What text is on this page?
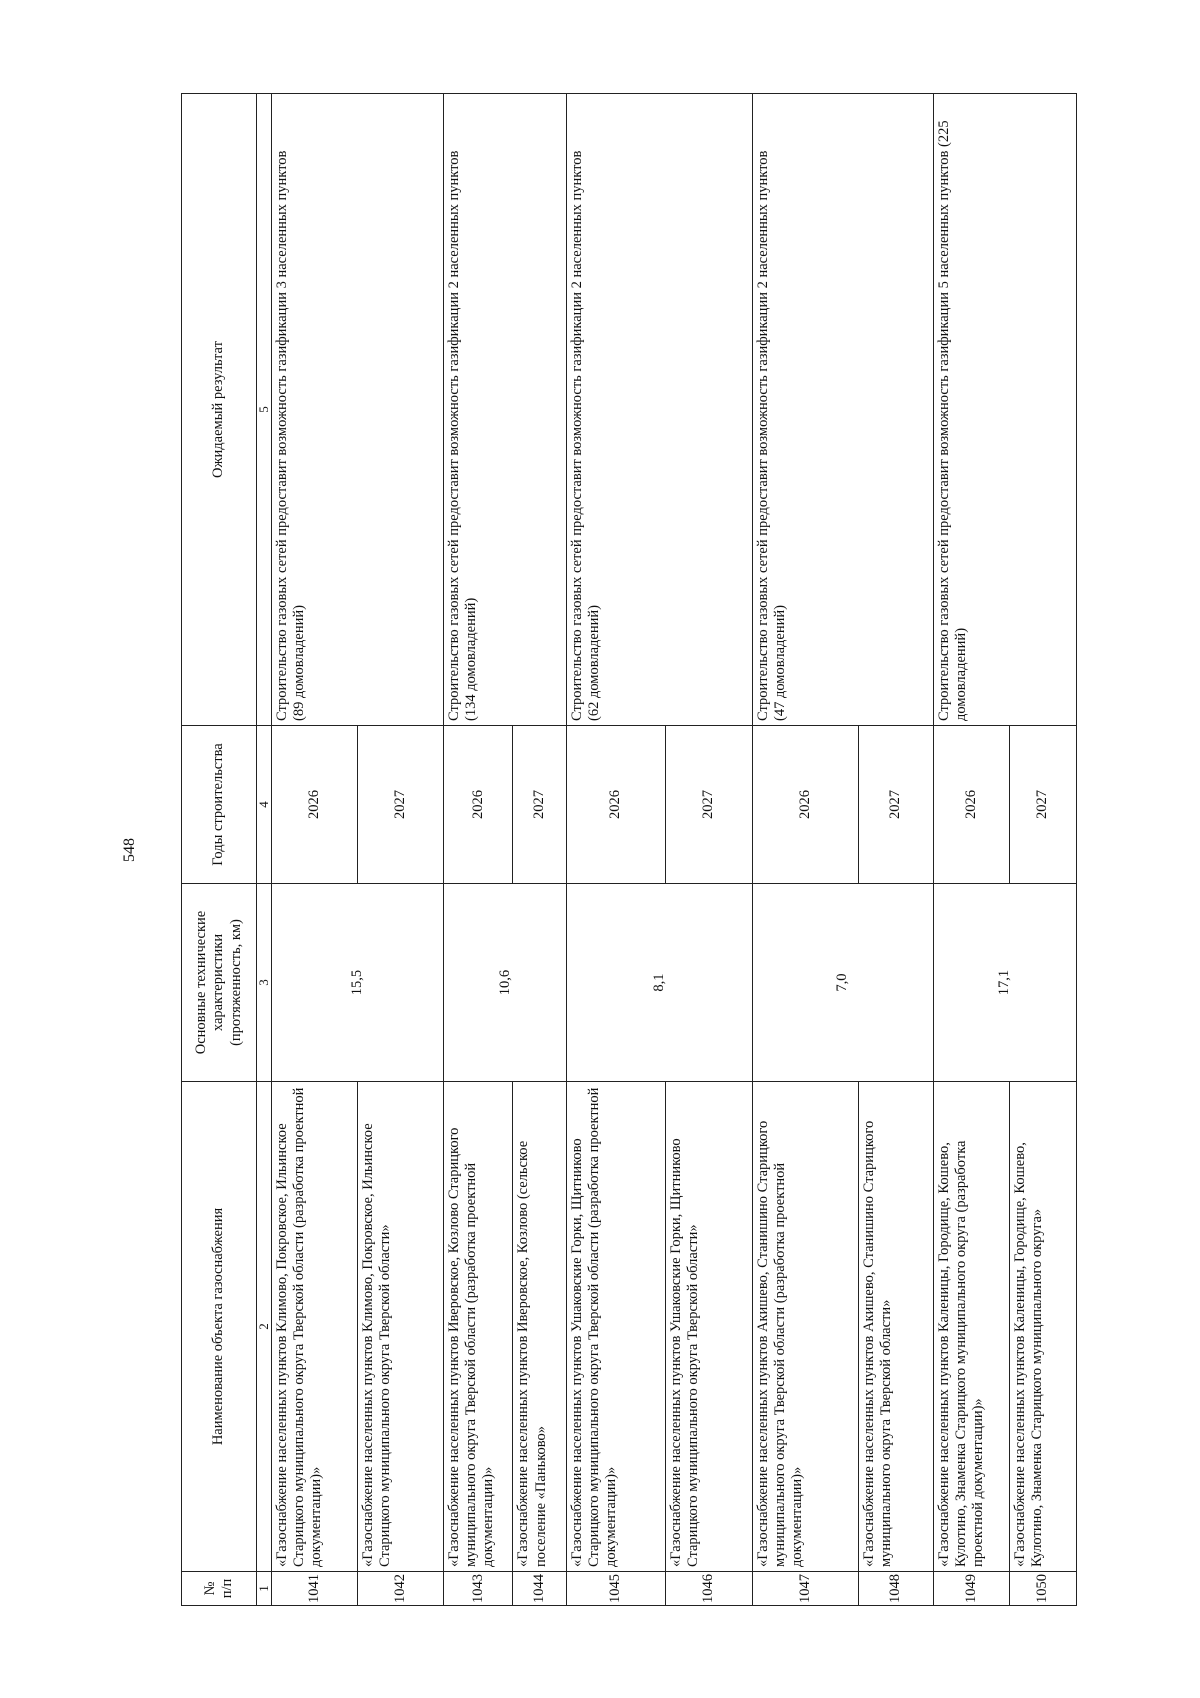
548
№
п/п	Наименование объекта газоснабжения	Основные технические характеристики (протяженность, км)	Годы строительства	Ожидаемый результат
1	2	3	4	5
1041	«Газоснабжение населенных пунктов Климово, Покровское, Ильинское Старицкого муниципального округа Тверской области (разработка проектной документации)»	15,5	2026	Строительство газовых сетей предоставит возможность газификации 3 населенных пунктов
(89 домовладений)
1042	«Газоснабжение населенных пунктов Климово, Покровское, Ильинское Старицкого муниципального округа Тверской области»		2027	
1043	«Газоснабжение населенных пунктов Иверовское, Козлово Старицкого муниципального округа Тверской области (разработка проектной документации)»	10,6	2026	Строительство газовых сетей предоставит возможность газификации 2 населенных пунктов
(134 домовладений)
1044	«Газоснабжение населенных пунктов Иверовское, Козлово (сельское поселение «Паньково»		2027	
1045	«Газоснабжение населенных пунктов Ушаковские Горки, Щитниково Старицкого муниципального округа Тверской области (разработка проектной документации)»	8,1	2026	Строительство газовых сетей предоставит возможность газификации 2 населенных пунктов
(62 домовладений)
1046	«Газоснабжение населенных пунктов Ушаковские Горки, Щитниково Старицкого муниципального округа Тверской области»		2027	
1047	«Газоснабжение населенных пунктов Акишево, Станишино Старицкого муниципального округа Тверской области (разработка проектной документации)»	7,0	2026	Строительство газовых сетей предоставит возможность газификации 2 населенных пунктов
(47 домовладений)
1048	«Газоснабжение населенных пунктов Акишево, Станишино Старицкого муниципального округа Тверской области»		2027	
1049	«Газоснабжение населенных пунктов Каленицы, Городище, Кошево, Кулотино, Знаменка Старицкого муниципального округа (разработка проектной документации)»	17,1	2026	Строительство газовых сетей предоставит возможность газификации 5 населенных пунктов (225 домовладений)
1050	«Газоснабжение населенных пунктов Каленицы, Городище, Кошево, Кулотино, Знаменка Старицкого муниципального округа»		2027	
